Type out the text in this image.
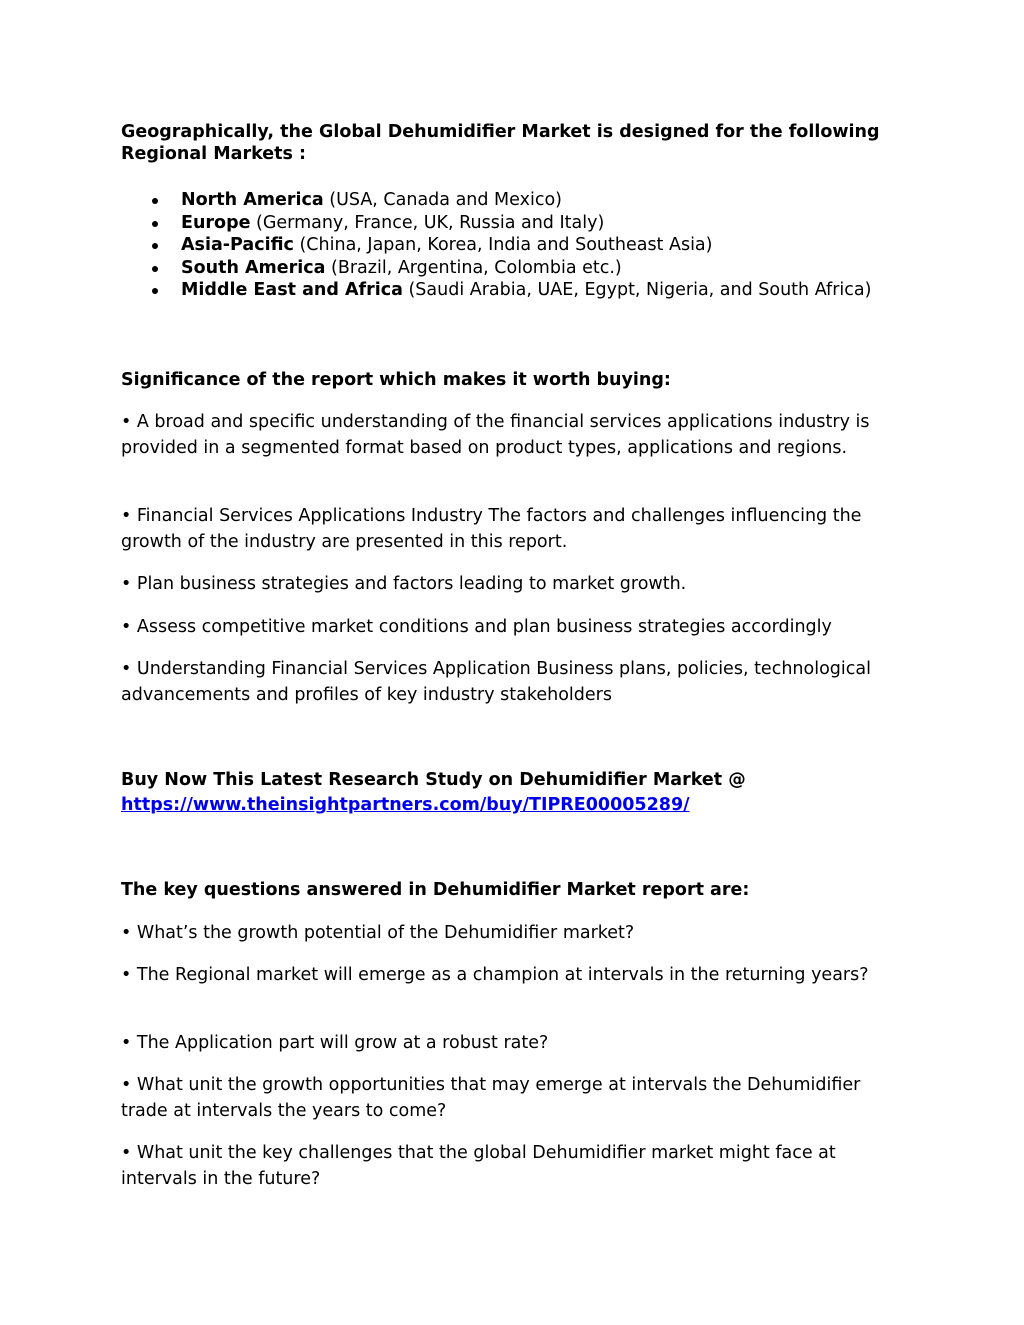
Geographically, the Global Dehumidifier Market is designed for the following Regional Markets :

North America (USA, Canada and Mexico)
Europe (Germany, France, UK, Russia and Italy)
Asia-Pacific (China, Japan, Korea, India and Southeast Asia)
South America (Brazil, Argentina, Colombia etc.)
Middle East and Africa (Saudi Arabia, UAE, Egypt, Nigeria, and South Africa)

Significance of the report which makes it worth buying:

• A broad and specific understanding of the financial services applications industry is provided in a segmented format based on product types, applications and regions.

• Financial Services Applications Industry The factors and challenges influencing the growth of the industry are presented in this report.

• Plan business strategies and factors leading to market growth.

• Assess competitive market conditions and plan business strategies accordingly

• Understanding Financial Services Application Business plans, policies, technological advancements and profiles of key industry stakeholders

Buy Now This Latest Research Study on Dehumidifier Market @
https://www.theinsightpartners.com/buy/TIPRE00005289/

The key questions answered in Dehumidifier Market report are:

• What’s the growth potential of the Dehumidifier market?

• The Regional market will emerge as a champion at intervals in the returning years?

• The Application part will grow at a robust rate?

• What unit the growth opportunities that may emerge at intervals the Dehumidifier trade at intervals the years to come?

• What unit the key challenges that the global Dehumidifier market might face at intervals in the future?
